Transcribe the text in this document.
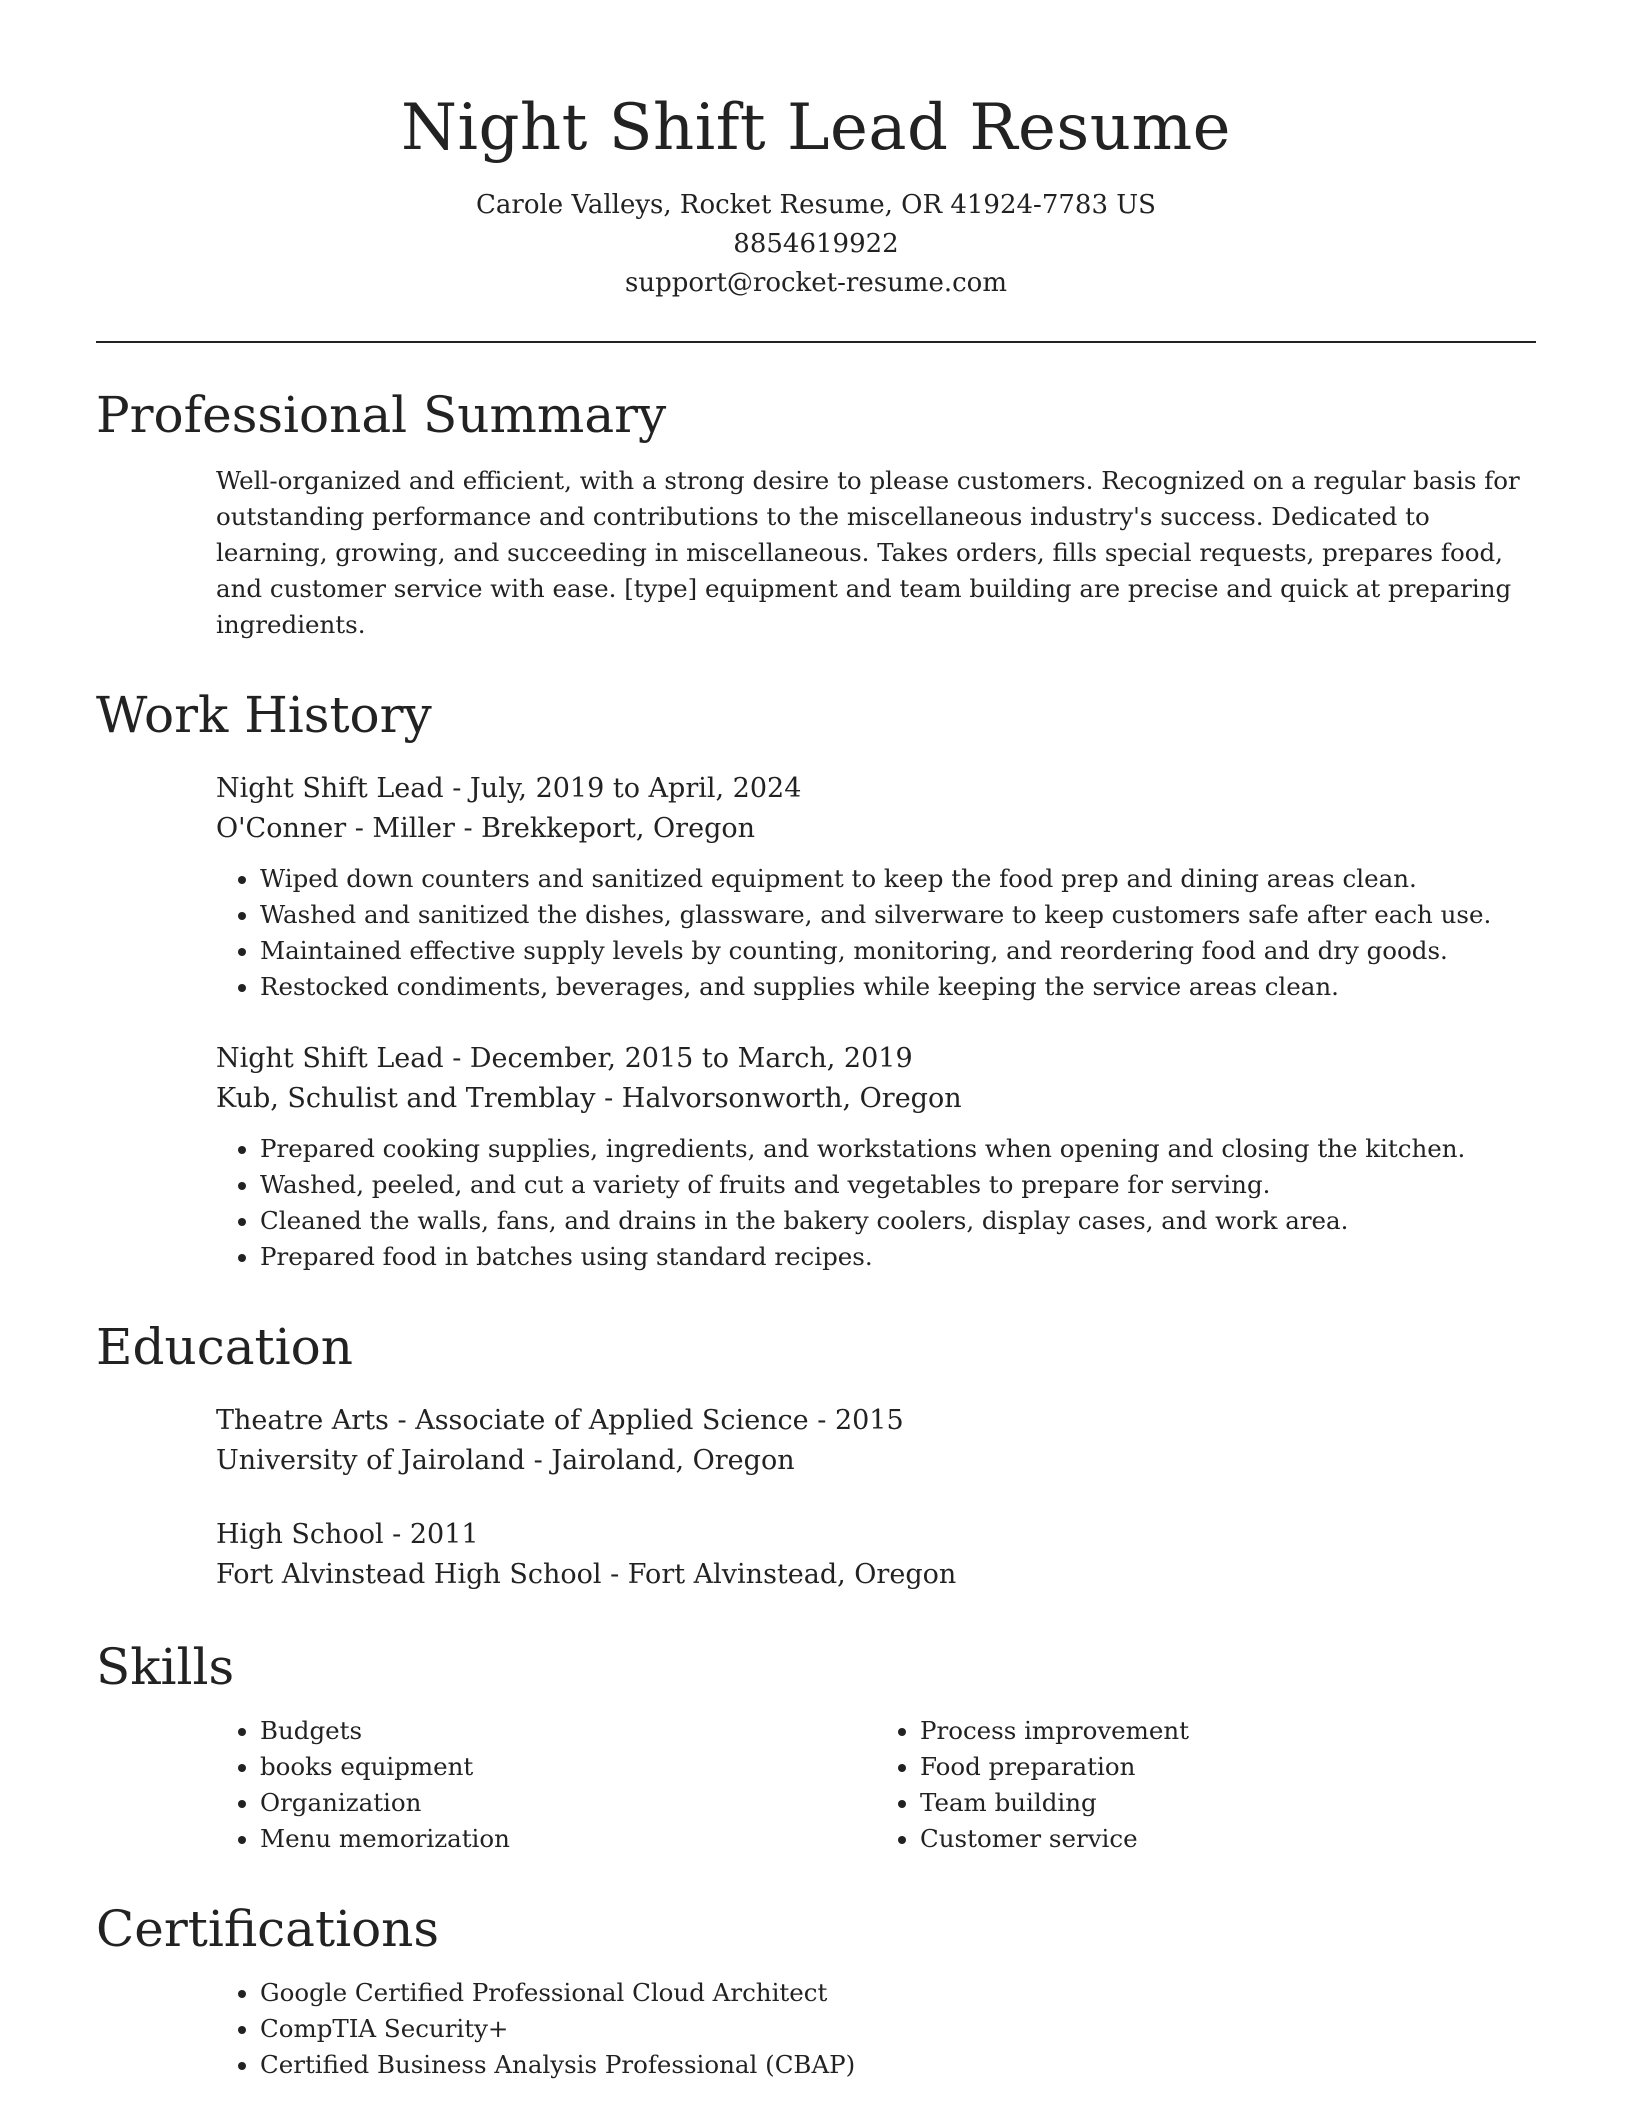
Night Shift Lead Resume
Carole Valleys, Rocket Resume, OR 41924-7783 US
8854619922
support@rocket-resume.com
Professional Summary
Well-organized and efficient, with a strong desire to please customers. Recognized on a regular basis for outstanding performance and contributions to the miscellaneous industry's success. Dedicated to learning, growing, and succeeding in miscellaneous. Takes orders, fills special requests, prepares food, and customer service with ease. [type] equipment and team building are precise and quick at preparing ingredients.
Work History
Night Shift Lead - July, 2019 to April, 2024
O'Conner - Miller - Brekkeport, Oregon
• Wiped down counters and sanitized equipment to keep the food prep and dining areas clean.
• Washed and sanitized the dishes, glassware, and silverware to keep customers safe after each use.
• Maintained effective supply levels by counting, monitoring, and reordering food and dry goods.
• Restocked condiments, beverages, and supplies while keeping the service areas clean.
Night Shift Lead - December, 2015 to March, 2019
Kub, Schulist and Tremblay - Halvorsonworth, Oregon
• Prepared cooking supplies, ingredients, and workstations when opening and closing the kitchen.
• Washed, peeled, and cut a variety of fruits and vegetables to prepare for serving.
• Cleaned the walls, fans, and drains in the bakery coolers, display cases, and work area.
• Prepared food in batches using standard recipes.
Education
Theatre Arts - Associate of Applied Science - 2015
University of Jairoland - Jairoland, Oregon
High School - 2011
Fort Alvinstead High School - Fort Alvinstead, Oregon
Skills
• Budgets
• books equipment
• Organization
• Menu memorization
• Process improvement
• Food preparation
• Team building
• Customer service
Certifications
• Google Certified Professional Cloud Architect
• CompTIA Security+
• Certified Business Analysis Professional (CBAP)
